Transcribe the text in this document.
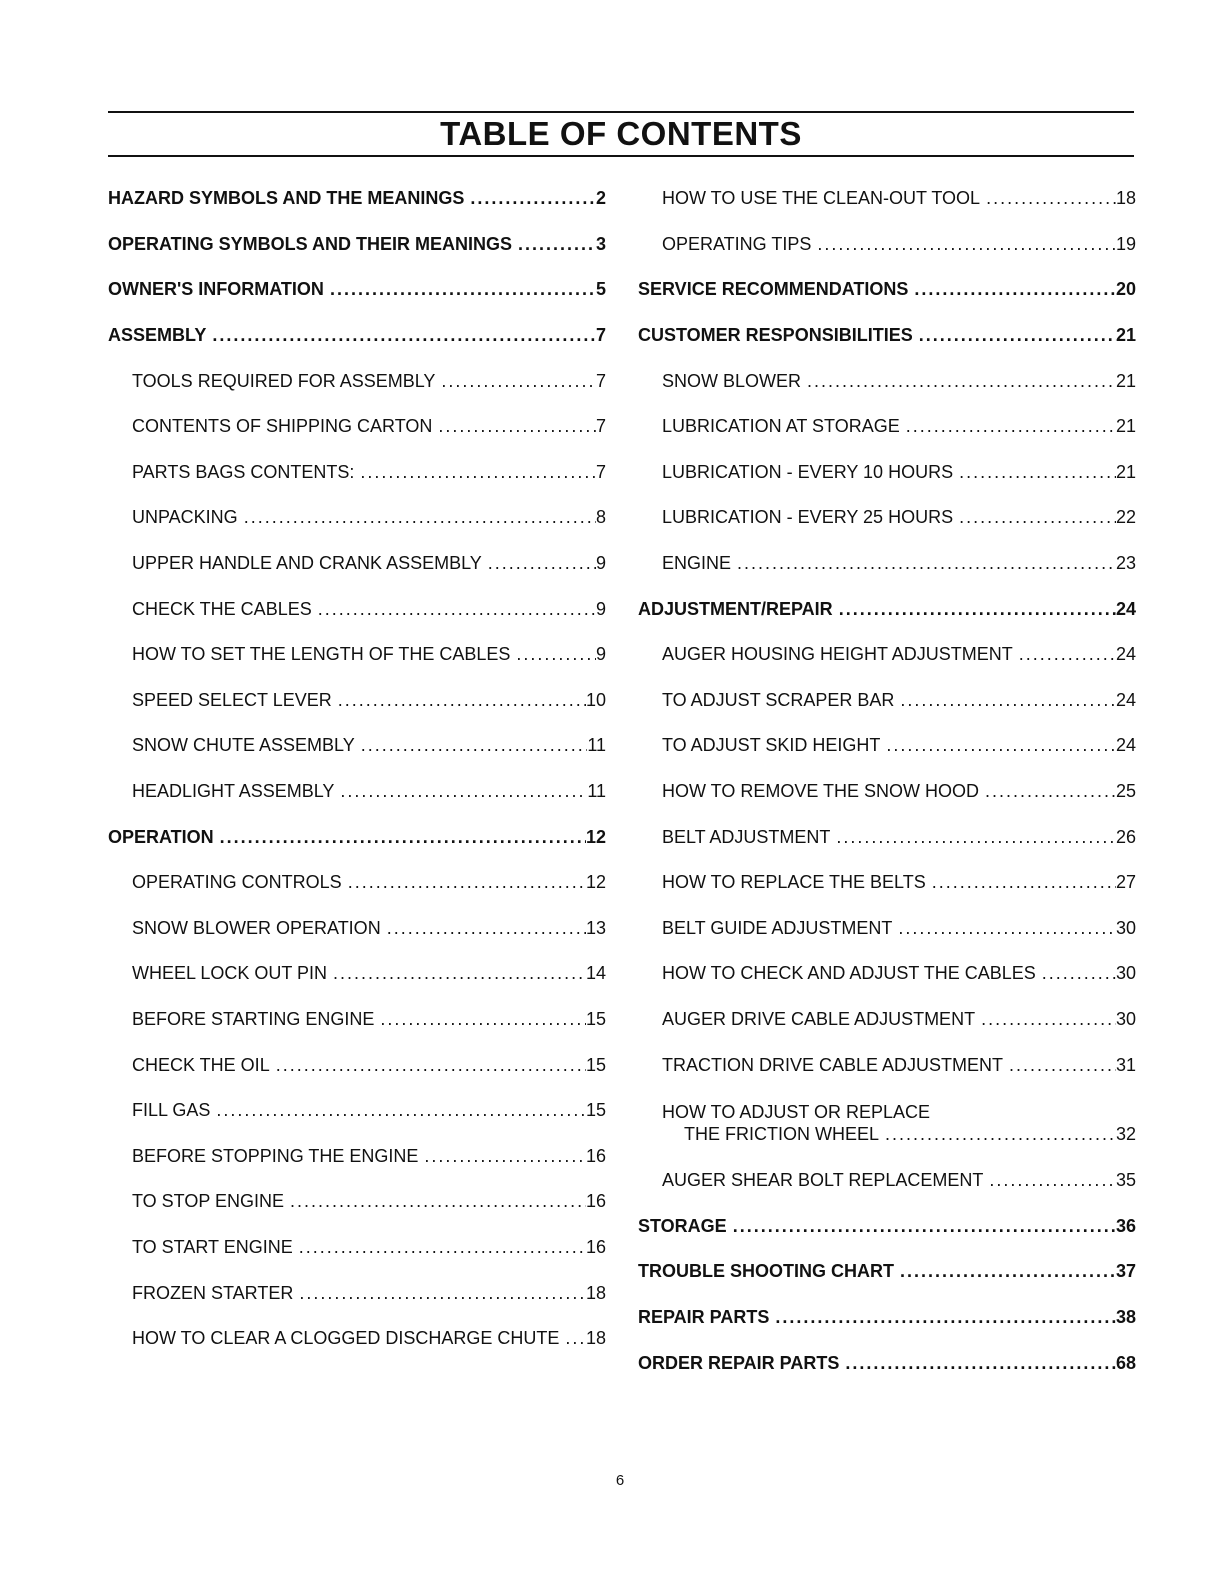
TABLE OF CONTENTS
HAZARD SYMBOLS AND THE MEANINGS .....	2
OPERATING SYMBOLS AND THEIR MEANINGS .....	3
OWNER'S INFORMATION .....	5
ASSEMBLY .....	7
TOOLS REQUIRED FOR ASSEMBLY .....	7
CONTENTS OF SHIPPING CARTON .....	7
PARTS BAGS CONTENTS: .....	7
UNPACKING .....	8
UPPER HANDLE AND CRANK ASSEMBLY .....	9
CHECK THE CABLES .....	9
HOW TO SET THE LENGTH OF THE CABLES .....	9
SPEED SELECT LEVER .....	10
SNOW CHUTE ASSEMBLY .....	11
HEADLIGHT ASSEMBLY .....	11
OPERATION .....	12
OPERATING CONTROLS .....	12
SNOW BLOWER OPERATION .....	13
WHEEL LOCK OUT PIN .....	14
BEFORE STARTING ENGINE .....	15
CHECK THE OIL .....	15
FILL GAS .....	15
BEFORE STOPPING THE ENGINE .....	16
TO STOP ENGINE .....	16
TO START ENGINE .....	16
FROZEN STARTER .....	18
HOW TO CLEAR A CLOGGED DISCHARGE CHUTE ..... 18
HOW TO USE THE CLEAN-OUT TOOL .....	18
OPERATING TIPS .....	19
SERVICE RECOMMENDATIONS .....	20
CUSTOMER RESPONSIBILITIES .....	21
SNOW BLOWER .....	21
LUBRICATION AT STORAGE .....	21
LUBRICATION - EVERY 10 HOURS .....	21
LUBRICATION - EVERY 25 HOURS .....	22
ENGINE .....	23
ADJUSTMENT/REPAIR .....	24
AUGER HOUSING HEIGHT ADJUSTMENT .....	24
TO ADJUST SCRAPER BAR .....	24
TO ADJUST SKID HEIGHT .....	24
HOW TO REMOVE THE SNOW HOOD .....	25
BELT ADJUSTMENT .....	26
HOW TO REPLACE THE BELTS .....	27
BELT GUIDE ADJUSTMENT .....	30
HOW TO CHECK AND ADJUST THE CABLES .....	30
AUGER DRIVE CABLE ADJUSTMENT .....	30
TRACTION DRIVE CABLE ADJUSTMENT .....	31
HOW TO ADJUST OR REPLACE
THE FRICTION WHEEL .....	32
AUGER SHEAR BOLT REPLACEMENT .....	35
STORAGE .....	36
TROUBLE SHOOTING CHART .....	37
REPAIR PARTS .....	38
ORDER REPAIR PARTS .....	68
6
